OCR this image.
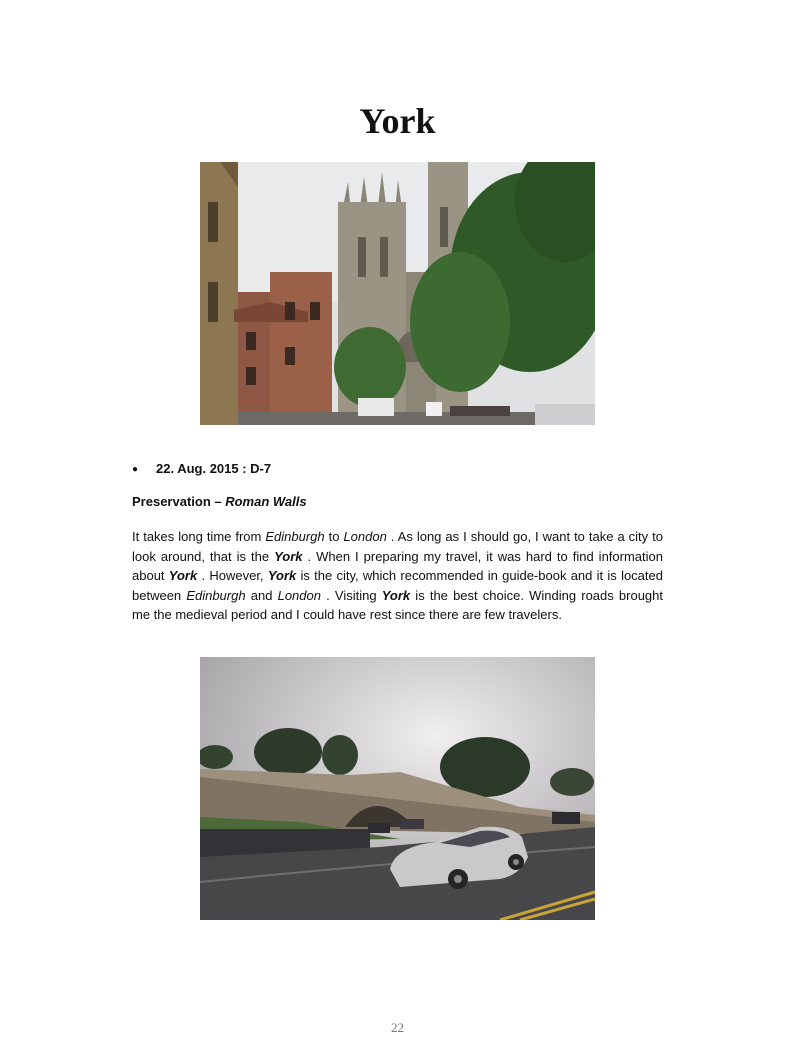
York
● 22. Aug. 2015 : D-7
Preservation – Roman Walls
It takes long time from Edinburgh to London . As long as I should go, I want to take a city to look around, that is the York . When I preparing my travel, it was hard to find information about York . However, York is the city, which recommended in guide-book and it is located between Edinburgh and London . Visiting York is the best choice. Winding roads brought me the medieval period and I could have rest since there are few travelers.
22
